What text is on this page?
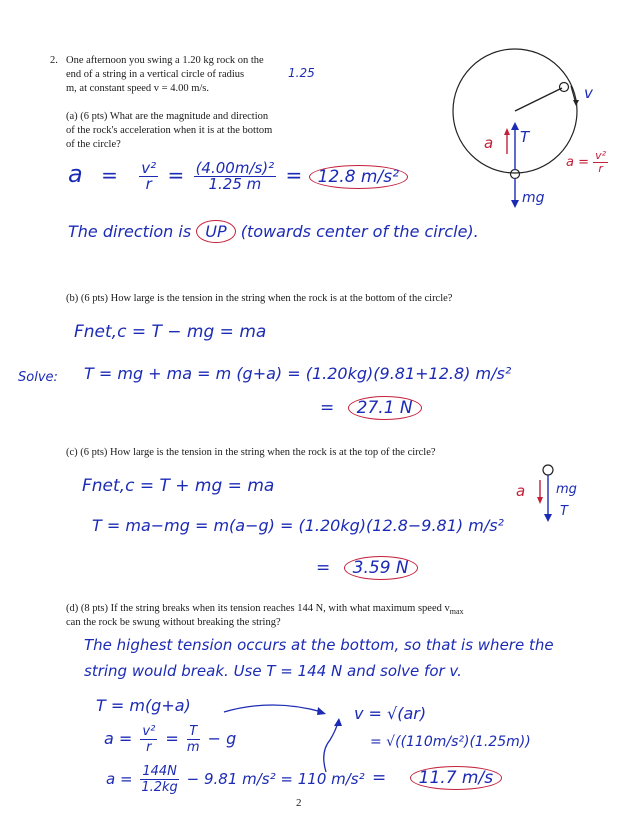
2. One afternoon you swing a 1.20 kg rock on the
end of a string in a vertical circle of radius	1.25
m, at constant speed v = 4.00 m/s.
(a) (6 pts) What are the magnitude and direction
of the rock's acceleration when it is at the bottom
of the circle?
$a = \frac{\text{v²}}{r} = \frac{\text{(4.00m/s)²}}{1.25 m} = 12.8$ m/s²
The direction is UP (towards center of the circle).
v
a T
mg
$a = \frac{\text{v²}}{r}$
(b) (6 pts) How large is the tension in the string when the rock is at the bottom of the circle?
Fnet,c = T − mg = ma
Solve: T = mg + ma = m (g+a) = (1.20kg)(9.81+12.8) m/s²
= 27.1 N
(c) (6 pts) How large is the tension in the string when the rock is at the top of the circle?
Fnet,c = T + mg = ma
T = ma−mg = m(a−g) = (1.20kg)(12.8−9.81) m/s²
= 3.59 N
a mg
T
(d) (8 pts) If the string breaks when its tension reaches 144 N, with what maximum speed $v_{max}$
can the rock be swung without breaking the string?
The highest tension occurs at the bottom, so that is where the
string would break. Use T = 144 N and solve for v.
T = m(g+a)
$a = \frac{\text{v²}}{r} = \frac{T}{m} - g$
$a = \frac{144N}{1.2kg} - 9.81$ m/s² = 110 m/s²
v = √(ar)
= √((110m/s²)(1.25m))
= 11.7 m/s
2
